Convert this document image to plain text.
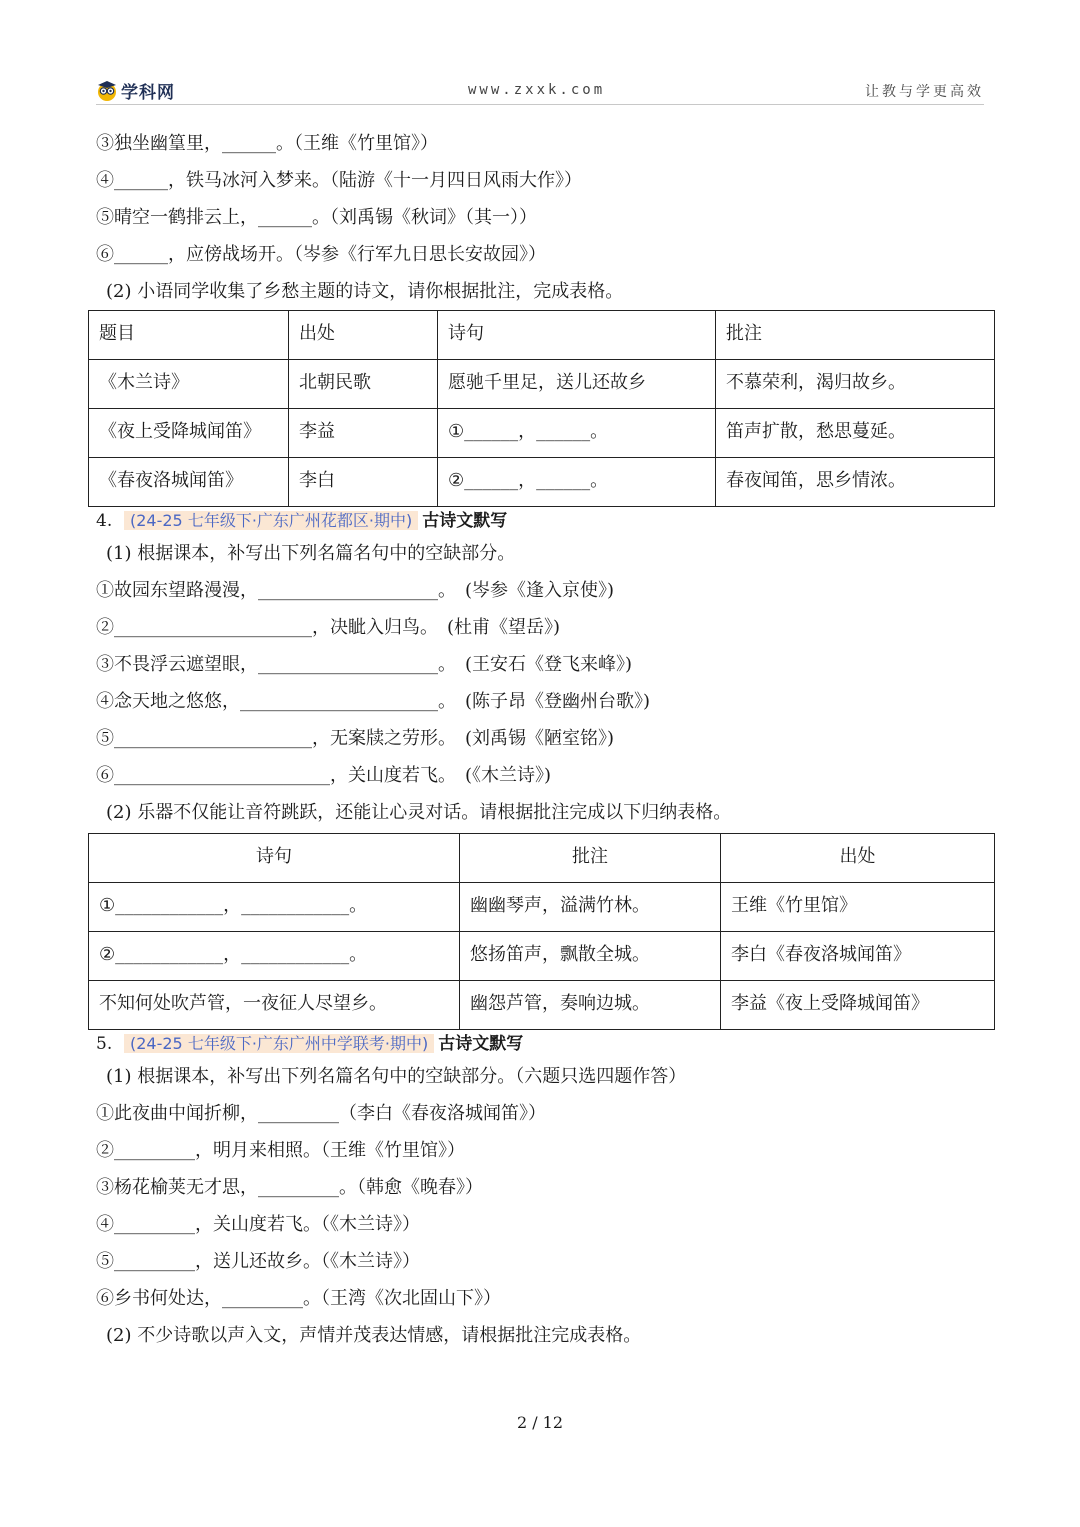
学科网	www.zxxk.com	让教与学更高效
③独坐幽篁里，______。（王维《竹里馆》）
④______，铁马冰河入梦来。（陆游《十一月四日风雨大作》）
⑤晴空一鹤排云上，______。（刘禹锡《秋词》（其一））
⑥______，应傍战场开。（岑参《行军九日思长安故园》）
(2) 小语同学收集了乡愁主题的诗文，请你根据批注，完成表格。
题目	出处	诗句	批注
《木兰诗》	北朝民歌	愿驰千里足，送儿还故乡	不慕荣利，渴归故乡。
《夜上受降城闻笛》	李益	①______，______。	笛声扩散，愁思蔓延。
《春夜洛城闻笛》	李白	②______，______。	春夜闻笛，思乡情浓。
4. (24-25 七年级下·广东广州花都区·期中) 古诗文默写
(1) 根据课本，补写出下列名篇名句中的空缺部分。
①故园东望路漫漫，____________________。　(岑参《逢入京使》)
②______________________，决眦入归鸟。　(杜甫《望岳》)
③不畏浮云遮望眼，____________________。　(王安石《登飞来峰》)
④念天地之悠悠，______________________。　(陈子昂《登幽州台歌》)
⑤______________________，无案牍之劳形。　(刘禹锡《陋室铭》)
⑥________________________，关山度若飞。　(《木兰诗》)
(2) 乐器不仅能让音符跳跃，还能让心灵对话。请根据批注完成以下归纳表格。
诗句	批注	出处
①____________，____________。	幽幽琴声，溢满竹林。	王维《竹里馆》
②____________，____________。	悠扬笛声，飘散全城。	李白《春夜洛城闻笛》
不知何处吹芦管，一夜征人尽望乡。	幽怨芦管，奏响边城。	李益《夜上受降城闻笛》
5. (24-25 七年级下·广东广州中学联考·期中) 古诗文默写
(1) 根据课本，补写出下列名篇名句中的空缺部分。（六题只选四题作答）
①此夜曲中闻折柳，_________（李白《春夜洛城闻笛》）
②_________，明月来相照。（王维《竹里馆》）
③杨花榆荚无才思，_________。（韩愈《晚春》）
④_________，关山度若飞。（《木兰诗》）
⑤_________，送儿还故乡。（《木兰诗》）
⑥乡书何处达，_________。（王湾《次北固山下》）
(2) 不少诗歌以声入文，声情并茂表达情感，请根据批注完成表格。
2 / 12
